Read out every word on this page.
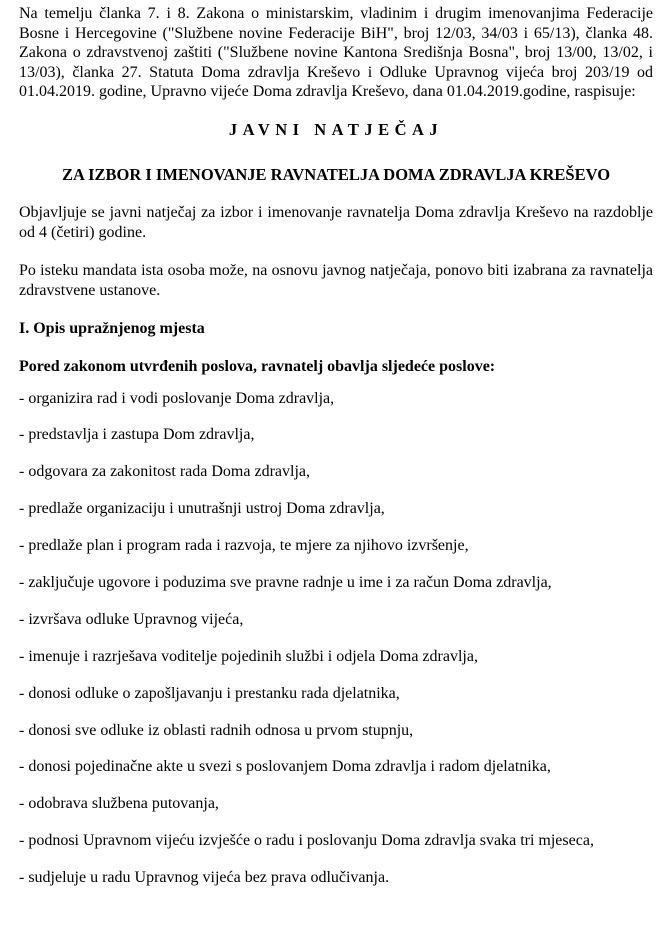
Na temelju članka 7. i 8. Zakona o ministarskim, vladinim i drugim imenovanjima Federacije Bosne i Hercegovine ("Službene novine Federacije BiH", broj 12/03, 34/03 i 65/13), članka 48. Zakona o zdravstvenoj zaštiti ("Službene novine Kantona Središnja Bosna", broj 13/00, 13/02, i 13/03), članka 27. Statuta Doma zdravlja Kreševo i Odluke Upravnog vijeća broj 203/19 od 01.04.2019. godine, Upravno vijeće Doma zdravlja Kreševo, dana 01.04.2019.godine, raspisuje:

JAVNI NATJEČAJ
ZA IZBOR I IMENOVANJE RAVNATELJA DOMA ZDRAVLJA KREŠEVO

Objavljuje se javni natječaj za izbor i imenovanje ravnatelja Doma zdravlja Kreševo na razdoblje od 4 (četiri) godine.

Po isteku mandata ista osoba može, na osnovu javnog natječaja, ponovo biti izabrana za ravnatelja zdravstvene ustanove.

I. Opis upražnjenog mjesta

Pored zakonom utvrđenih poslova, ravnatelj obavlja sljedeće poslove:

- organizira rad i vodi poslovanje Doma zdravlja,
- predstavlja i zastupa Dom zdravlja,
- odgovara za zakonitost rada Doma zdravlja,
- predlaže organizaciju i unutrašnji ustroj Doma zdravlja,
- predlaže plan i program rada i razvoja, te mjere za njihovo izvršenje,
- zaključuje ugovore i poduzima sve pravne radnje u ime i za račun Doma zdravlja,
- izvršava odluke Upravnog vijeća,
- imenuje i razrješava voditelje pojedinih službi i odjela Doma zdravlja,
- donosi odluke o zapošljavanju i prestanku rada djelatnika,
- donosi sve odluke iz oblasti radnih odnosa u prvom stupnju,
- donosi pojedinačne akte u svezi s poslovanjem Doma zdravlja i radom djelatnika,
- odobrava službena putovanja,
- podnosi Upravnom vijeću izvješće o radu i poslovanju Doma zdravlja svaka tri mjeseca,
- sudjeluje u radu Upravnog vijeća bez prava odlučivanja.
